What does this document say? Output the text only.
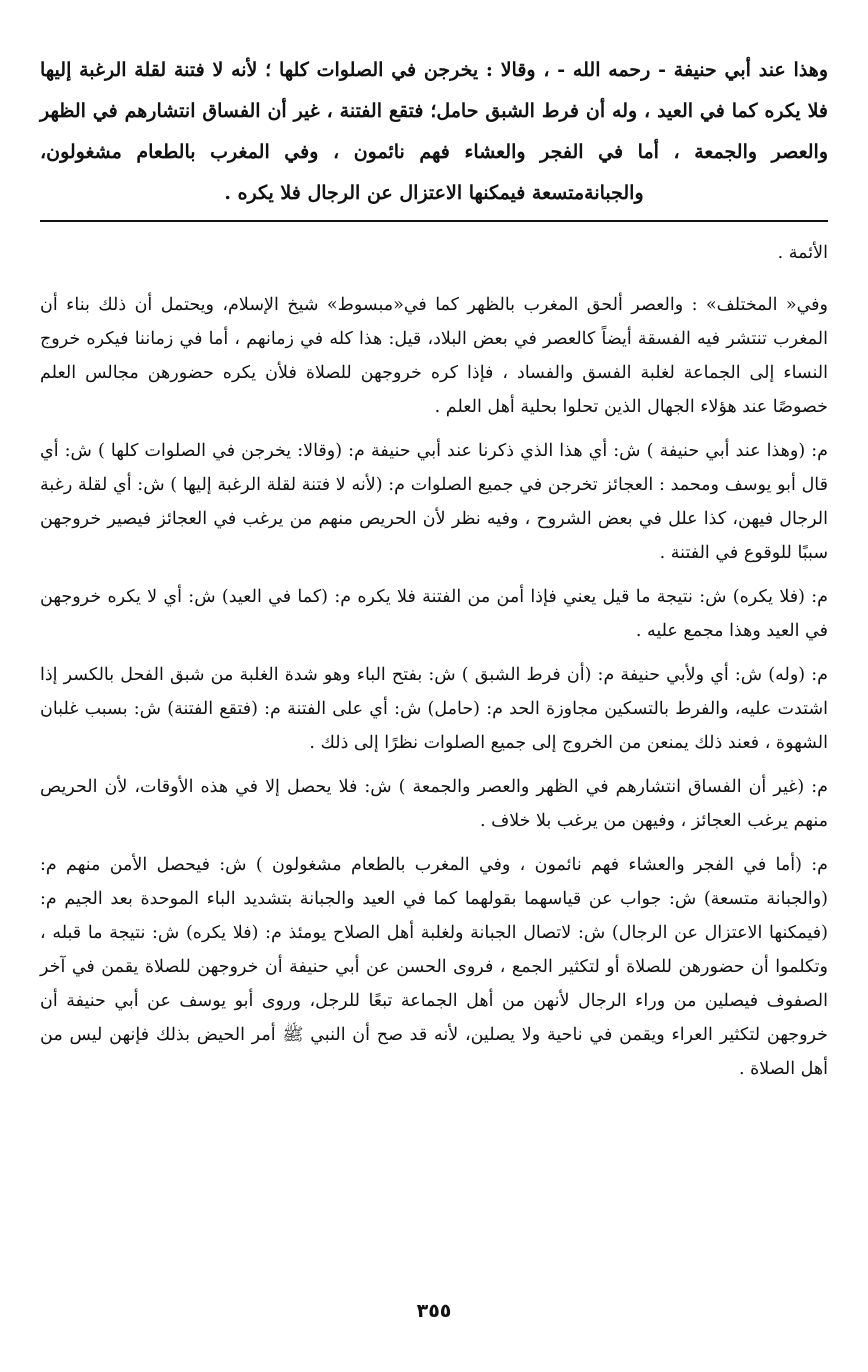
وهذا عند أبي حنيفة - رحمه الله - ، وقالا : يخرجن في الصلوات كلها ؛ لأنه لا فتنة لقلة الرغبة إليها فلا يكره كما في العيد ، وله أن فرط الشبق حامل؛ فتقع الفتنة ، غير أن الفساق انتشارهم في الظهر والعصر والجمعة ، أما في الفجر والعشاء فهم نائمون ، وفي المغرب بالطعام مشغولون، والجبانةمتسعة فيمكنها الاعتزال عن الرجال فلا يكره .

الأئمة .

وفي« المختلف» : والعصر ألحق المغرب بالظهر كما في«مبسوط» شيخ الإسلام، ويحتمل أن ذلك بناء أن المغرب تنتشر فيه الفسقة أيضاً كالعصر في بعض البلاد، قيل: هذا كله في زمانهم ، أما في زماننا فيكره خروج النساء إلى الجماعة لغلبة الفسق والفساد ، فإذا كره خروجهن للصلاة فلأن يكره حضورهن مجالس العلم خصوصًا عند هؤلاء الجهال الذين تحلوا بحلية أهل العلم .

م: (وهذا عند أبي حنيفة ) ش: أي هذا الذي ذكرنا عند أبي حنيفة م: (وقالا: يخرجن في الصلوات كلها ) ش: أي قال أبو يوسف ومحمد : العجائز تخرجن في جميع الصلوات م: (لأنه لا فتنة لقلة الرغبة إليها ) ش: أي لقلة رغبة الرجال فيهن، كذا علل في بعض الشروح ، وفيه نظر لأن الحريص منهم من يرغب في العجائز فيصير خروجهن سببًا للوقوع في الفتنة .

م: (فلا يكره) ش: نتيجة ما قيل يعني فإذا أمن من الفتنة فلا يكره م: (كما في العيد) ش: أي لا يكره خروجهن في العيد وهذا مجمع عليه .

م: (وله) ش: أي ولأبي حنيفة م: (أن فرط الشبق ) ش: بفتح الباء وهو شدة الغلبة من شبق الفحل بالكسر إذا اشتدت عليه، والفرط بالتسكين مجاوزة الحد م: (حامل) ش: أي على الفتنة م: (فتقع الفتنة) ش: بسبب غلبان الشهوة ، فعند ذلك يمنعن من الخروج إلى جميع الصلوات نظرًا إلى ذلك .

م: (غير أن الفساق انتشارهم في الظهر والعصر والجمعة ) ش: فلا يحصل إلا في هذه الأوقات، لأن الحريص منهم يرغب العجائز ، وفيهن من يرغب بلا خلاف .

م: (أما في الفجر والعشاء فهم نائمون ، وفي المغرب بالطعام مشغولون ) ش: فيحصل الأمن منهم م: (والجبانة متسعة) ش: جواب عن قياسهما بقولهما كما في العيد والجبانة بتشديد الباء الموحدة بعد الجيم م: (فيمكنها الاعتزال عن الرجال) ش: لاتصال الجبانة ولغلبة أهل الصلاح يومئذ م: (فلا يكره) ش: نتيجة ما قبله ، وتكلموا أن حضورهن للصلاة أو لتكثير الجمع ، فروى الحسن عن أبي حنيفة أن خروجهن للصلاة يقمن في آخر الصفوف فيصلين من وراء الرجال لأنهن من أهل الجماعة تبعًا للرجل، وروى أبو يوسف عن أبي حنيفة أن خروجهن لتكثير العراء ويقمن في ناحية ولا يصلين، لأنه قد صح أن النبي ﷺ أمر الحيض بذلك فإنهن ليس من أهل الصلاة .

٣٥٥
